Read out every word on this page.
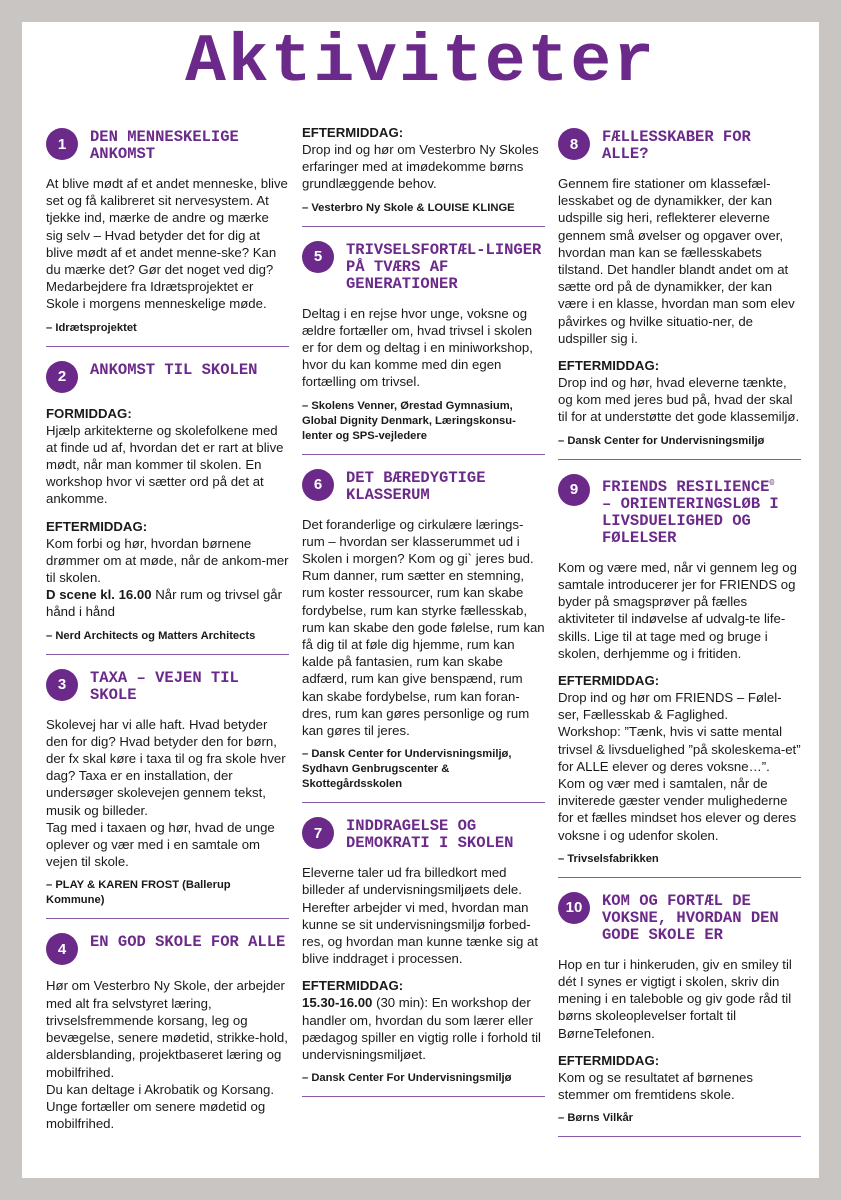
Aktiviteter
1	DEN MENNESKELIGE ANKOMST

At blive mødt af et andet menneske, blive set og få kalibreret sit nervesystem. At tjekke ind, mærke de andre og mærke sig selv – Hvad betyder det for dig at blive mødt af et andet menne-ske? Kan du mærke det? Gør det noget ved dig?

Medarbejdere fra Idrætsprojektet er Skole i morgens menneskelige møde.

– Idrætsprojektet
2	ANKOMST TIL SKOLEN
FORMIDDAG:

Hjælp arkitekterne og skolefolkene med at finde ud af, hvordan det er rart at blive mødt, når man kommer til skolen. En workshop hvor vi sætter ord på det at ankomme.

EFTERMIDDAG:

Kom forbi og hør, hvordan børnene drømmer om at møde, når de ankom-mer til skolen.

D scene kl. 16.00 Når rum og trivsel går hånd i hånd

– Nerd Architects og Matters Architects
3	TAXA – VEJEN TIL SKOLE

Skolevej har vi alle haft. Hvad betyder den for dig? Hvad betyder den for børn, der fx skal køre i taxa til og fra skole hver dag? Taxa er en installation, der undersøger skolevejen gennem tekst, musik og billeder.

Tag med i taxaen og hør, hvad de unge oplever og vær med i en samtale om vejen til skole.

– PLAY & KAREN FROST (Ballerup Kommune)
4	EN GOD SKOLE FOR ALLE

Hør om Vesterbro Ny Skole, der arbejder med alt fra selvstyret læring, trivselsfremmende korsang, leg og bevægelse, senere mødetid, strikke-hold, aldersblanding, projektbaseret læring og mobilfrihed.

Du kan deltage i Akrobatik og Korsang. Unge fortæller om senere mødetid og mobilfrihed.

EFTERMIDDAG:

Drop ind og hør om Vesterbro Ny Skoles erfaringer med at imødekomme børns grundlæggende behov.

– Vesterbro Ny Skole & LOUISE KLINGE
5	TRIVSELSFORTÆL-LINGER PÅ TVÆRS AF GENERATIONER

Deltag i en rejse hvor unge, voksne og ældre fortæller om, hvad trivsel i skolen er for dem og deltag i en miniworkshop, hvor du kan komme med din egen fortælling om trivsel.

– Skolens Venner, Ørestad Gymnasium, Global Dignity Denmark, Læringskonsu-lenter og SPS-vejledere
6	DET BÆREDYGTIGE KLASSERUM

Det foranderlige og cirkulære lærings-rum – hvordan ser klasserummet ud i Skolen i morgen? Kom og gi` jeres bud. Rum danner, rum sætter en stemning, rum koster ressourcer, rum kan skabe fordybelse, rum kan styrke fællesskab, rum kan skabe den gode følelse, rum kan få dig til at føle dig hjemme, rum kan kalde på fantasien, rum kan skabe adfærd, rum kan give benspænd, rum kan skabe fordybelse, rum kan foran-dres, rum kan gøres personlige og rum kan gøres til jeres.

– Dansk Center for Undervisningsmiljø, Sydhavn Genbrugscenter & Skottegårdsskolen
7	INDDRAGELSE OG DEMOKRATI I SKOLEN

Eleverne taler ud fra billedkort med billeder af undervisningsmiljøets dele. Herefter arbejder vi med, hvordan man kunne se sit undervisningsmiljø forbed-res, og hvordan man kunne tænke sig at blive inddraget i processen.

EFTERMIDDAG:

15.30-16.00 (30 min): En workshop der handler om, hvordan du som lærer eller pædagog spiller en vigtig rolle i forhold til undervisningsmiljøet.

– Dansk Center For Undervisningsmiljø
8	FÆLLESSKABER FOR ALLE?

Gennem fire stationer om klassefæl-lesskabet og de dynamikker, der kan udspille sig heri, reflekterer eleverne gennem små øvelser og opgaver over, hvordan man kan se fællesskabets tilstand. Det handler blandt andet om at sætte ord på de dynamikker, der kan være i en klasse, hvordan man som elev påvirkes og hvilke situatio-ner, de udspiller sig i.

EFTERMIDDAG:

Drop ind og hør, hvad eleverne tænkte, og kom med jeres bud på, hvad der skal til for at understøtte det gode klassemiljø.

– Dansk Center for Undervisningsmiljø
9	FRIENDS RESILIENCE©
– ORIENTERINGSLØB I LIVSDUELIGHED OG FØLELSER

Kom og være med, når vi gennem leg og samtale introducerer jer for FRIENDS og byder på smagsprøver på fælles aktiviteter til indøvelse af udvalg-te life-skills. Lige til at tage med og bruge i skolen, derhjemme og i fritiden.

EFTERMIDDAG:

Drop ind og hør om FRIENDS – Følel-ser, Fællesskab & Faglighed.

Workshop: ”Tænk, hvis vi satte mental trivsel & livsduelighed ”på skoleskema-et” for ALLE elever og deres voksne…”.

Kom og vær med i samtalen, når de inviterede gæster vender mulighederne for et fælles mindset hos elever og deres voksne i og udenfor skolen.

– Trivselsfabrikken
10	KOM OG FORTÆL DE VOKSNE, HVORDAN DEN GODE SKOLE ER

Hop en tur i hinkeruden, giv en smiley til dét I synes er vigtigt i skolen, skriv din mening i en taleboble og giv gode råd til børns skoleoplevelser fortalt til BørneTelefonen.

EFTERMIDDAG:

Kom og se resultatet af børnenes stemmer om fremtidens skole.

– Børns Vilkår
